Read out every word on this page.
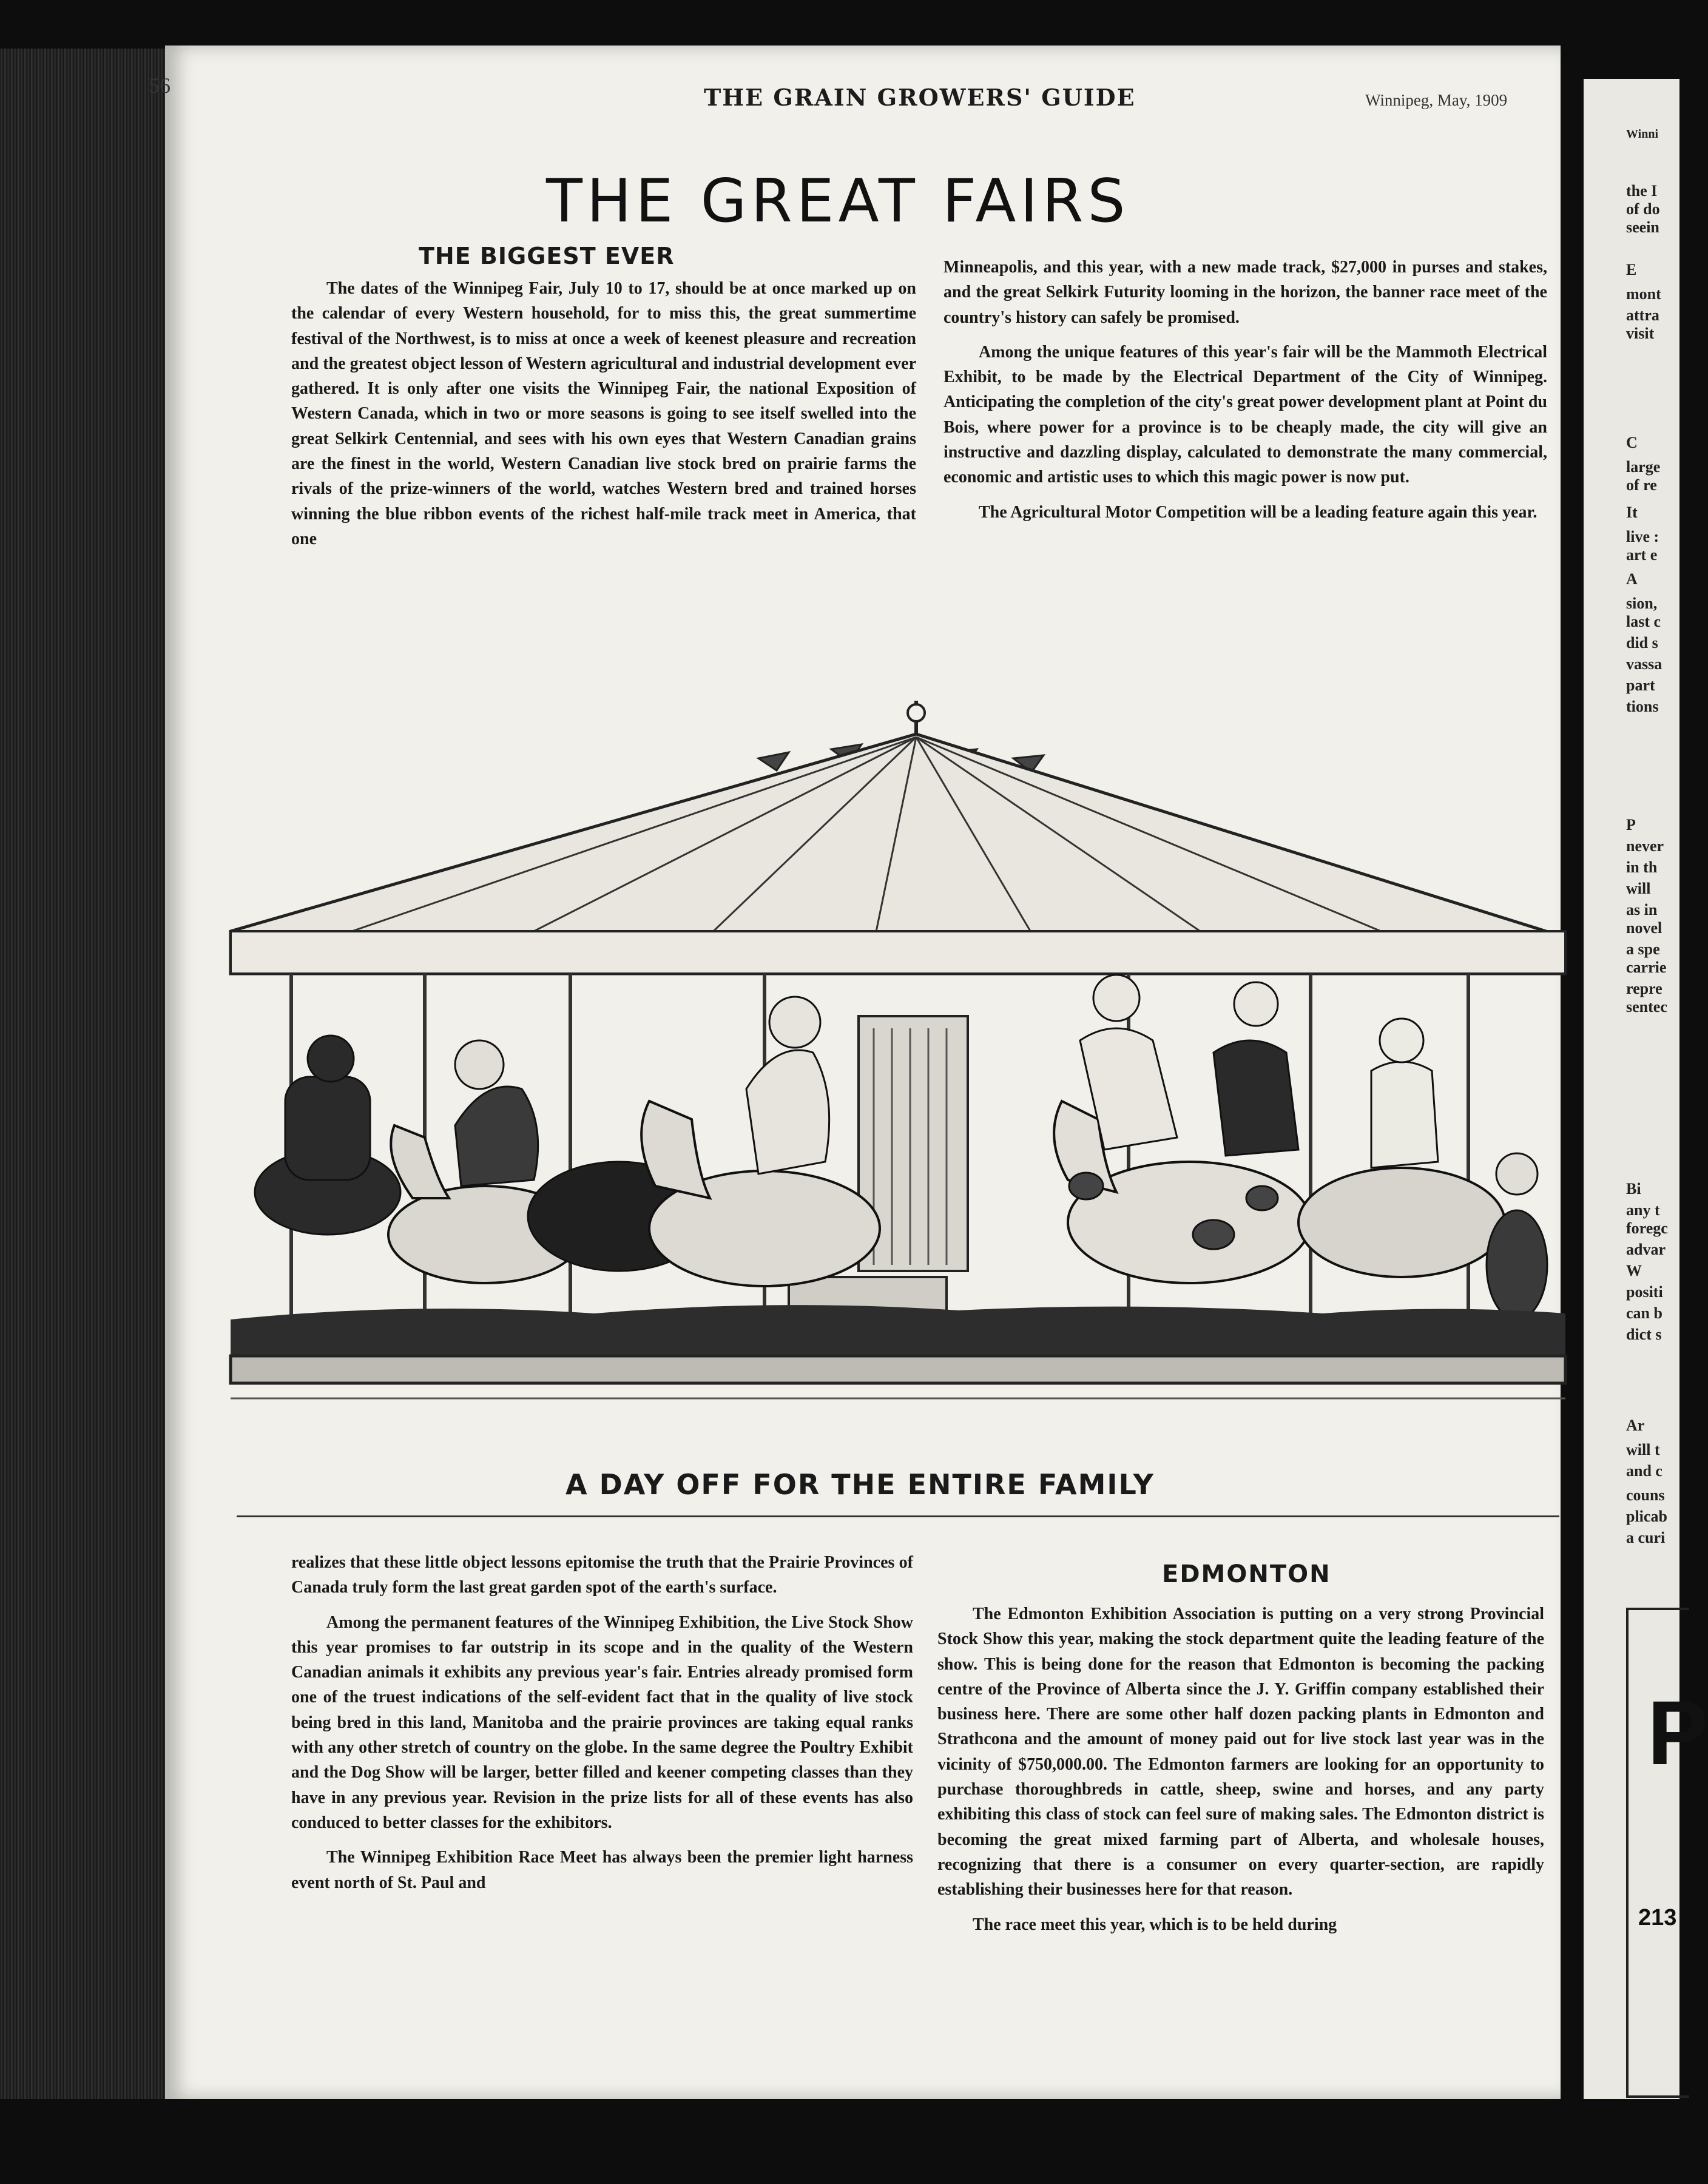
56	THE GRAIN GROWERS' GUIDE	Winnipeg, May, 1909
THE GREAT FAIRS
THE BIGGEST EVER

The dates of the Winnipeg Fair, July 10 to 17, should be at once marked up on the calendar of every Western household, for to miss this, the great summertime festival of the Northwest, is to miss at once a week of keenest pleasure and recreation and the greatest object lesson of Western agricultural and industrial development ever gathered. It is only after one visits the Winnipeg Fair, the national Exposition of Western Canada, which in two or more seasons is going to see itself swelled into the great Selkirk Centennial, and sees with his own eyes that Western Canadian grains are the finest in the world, Western Canadian live stock bred on prairie farms the rivals of the prize-winners of the world, watches Western bred and trained horses winning the blue ribbon events of the richest half-mile track meet in America, that one

Minneapolis, and this year, with a new made track, $27,000 in purses and stakes, and the great Selkirk Futurity looming in the horizon, the banner race meet of the country's history can safely be promised.

Among the unique features of this year's fair will be the Mammoth Electrical Exhibit, to be made by the Electrical Department of the City of Winnipeg. Anticipating the completion of the city's great power development plant at Point du Bois, where power for a province is to be cheaply made, the city will give an instructive and dazzling display, calculated to demonstrate the many commercial, economic and artistic uses to which this magic power is now put.

The Agricultural Motor Competition will be a leading feature again this year.

A DAY OFF FOR THE ENTIRE FAMILY

realizes that these little object lessons epitomise the truth that the Prairie Provinces of Canada truly form the last great garden spot of the earth's surface.

Among the permanent features of the Winnipeg Exhibition, the Live Stock Show this year promises to far outstrip in its scope and in the quality of the Western Canadian animals it exhibits any previous year's fair. Entries already promised form one of the truest indications of the self-evident fact that in the quality of live stock being bred in this land, Manitoba and the prairie provinces are taking equal ranks with any other stretch of country on the globe. In the same degree the Poultry Exhibit and the Dog Show will be larger, better filled and keener competing classes than they have in any previous year. Revision in the prize lists for all of these events has also conduced to better classes for the exhibitors.

The Winnipeg Exhibition Race Meet has always been the premier light harness event north of St. Paul and

EDMONTON

The Edmonton Exhibition Association is putting on a very strong Provincial Stock Show this year, making the stock department quite the leading feature of the show. This is being done for the reason that Edmonton is becoming the packing centre of the Province of Alberta since the J. Y. Griffin company established their business here. There are some other half dozen packing plants in Edmonton and Strathcona and the amount of money paid out for live stock last year was in the vicinity of $750,000.00. The Edmonton farmers are looking for an opportunity to purchase thoroughbreds in cattle, sheep, swine and horses, and any party exhibiting this class of stock can feel sure of making sales. The Edmonton district is becoming the great mixed farming part of Alberta, and wholesale houses, recognizing that there is a consumer on every quarter-section, are rapidly establishing their businesses here for that reason.

The race meet this year, which is to be held during

Winni
the I
of do
seein
E
mont
attra
visit
C
large
of re
It
live :
art e
A
sion,
last c
did s
vassa
part
tions
P
never
in th
will
as in
novel
a spe
carrie
repre
sentec
Bi
any t
foregc
advar
W
positi
can b
dict s
Ar
will t
and c
couns
plicab
a curi
P
213
